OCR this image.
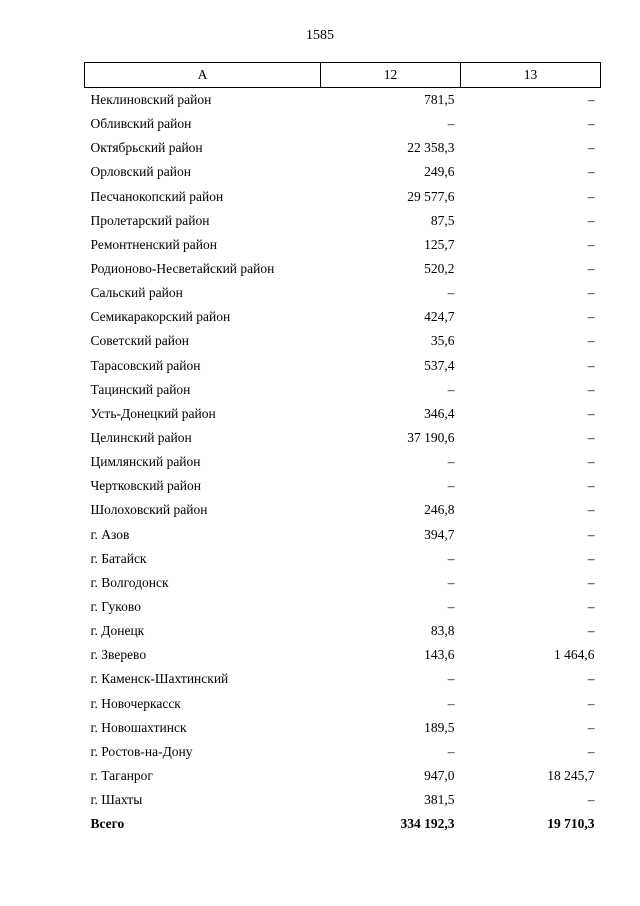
1585
А	12	13
Неклиновский район	781,5	–
Обливский район	–	–
Октябрьский район	22 358,3	–
Орловский район	249,6	–
Песчанокопский район	29 577,6	–
Пролетарский район	87,5	–
Ремонтненский район	125,7	–
Родионово-Несветайский район	520,2	–
Сальский район	–	–
Семикаракорский район	424,7	–
Советский район	35,6	–
Тарасовский район	537,4	–
Тацинский район	–	–
Усть-Донецкий район	346,4	–
Целинский район	37 190,6	–
Цимлянский район	–	–
Чертковский район	–	–
Шолоховский район	246,8	–
г. Азов	394,7	–
г. Батайск	–	–
г. Волгодонск	–	–
г. Гуково	–	–
г. Донецк	83,8	–
г. Зверево	143,6	1 464,6
г. Каменск-Шахтинский	–	–
г. Новочеркасск	–	–
г. Новошахтинск	189,5	–
г. Ростов-на-Дону	–	–
г. Таганрог	947,0	18 245,7
г. Шахты	381,5	–
Всего	334 192,3	19 710,3
